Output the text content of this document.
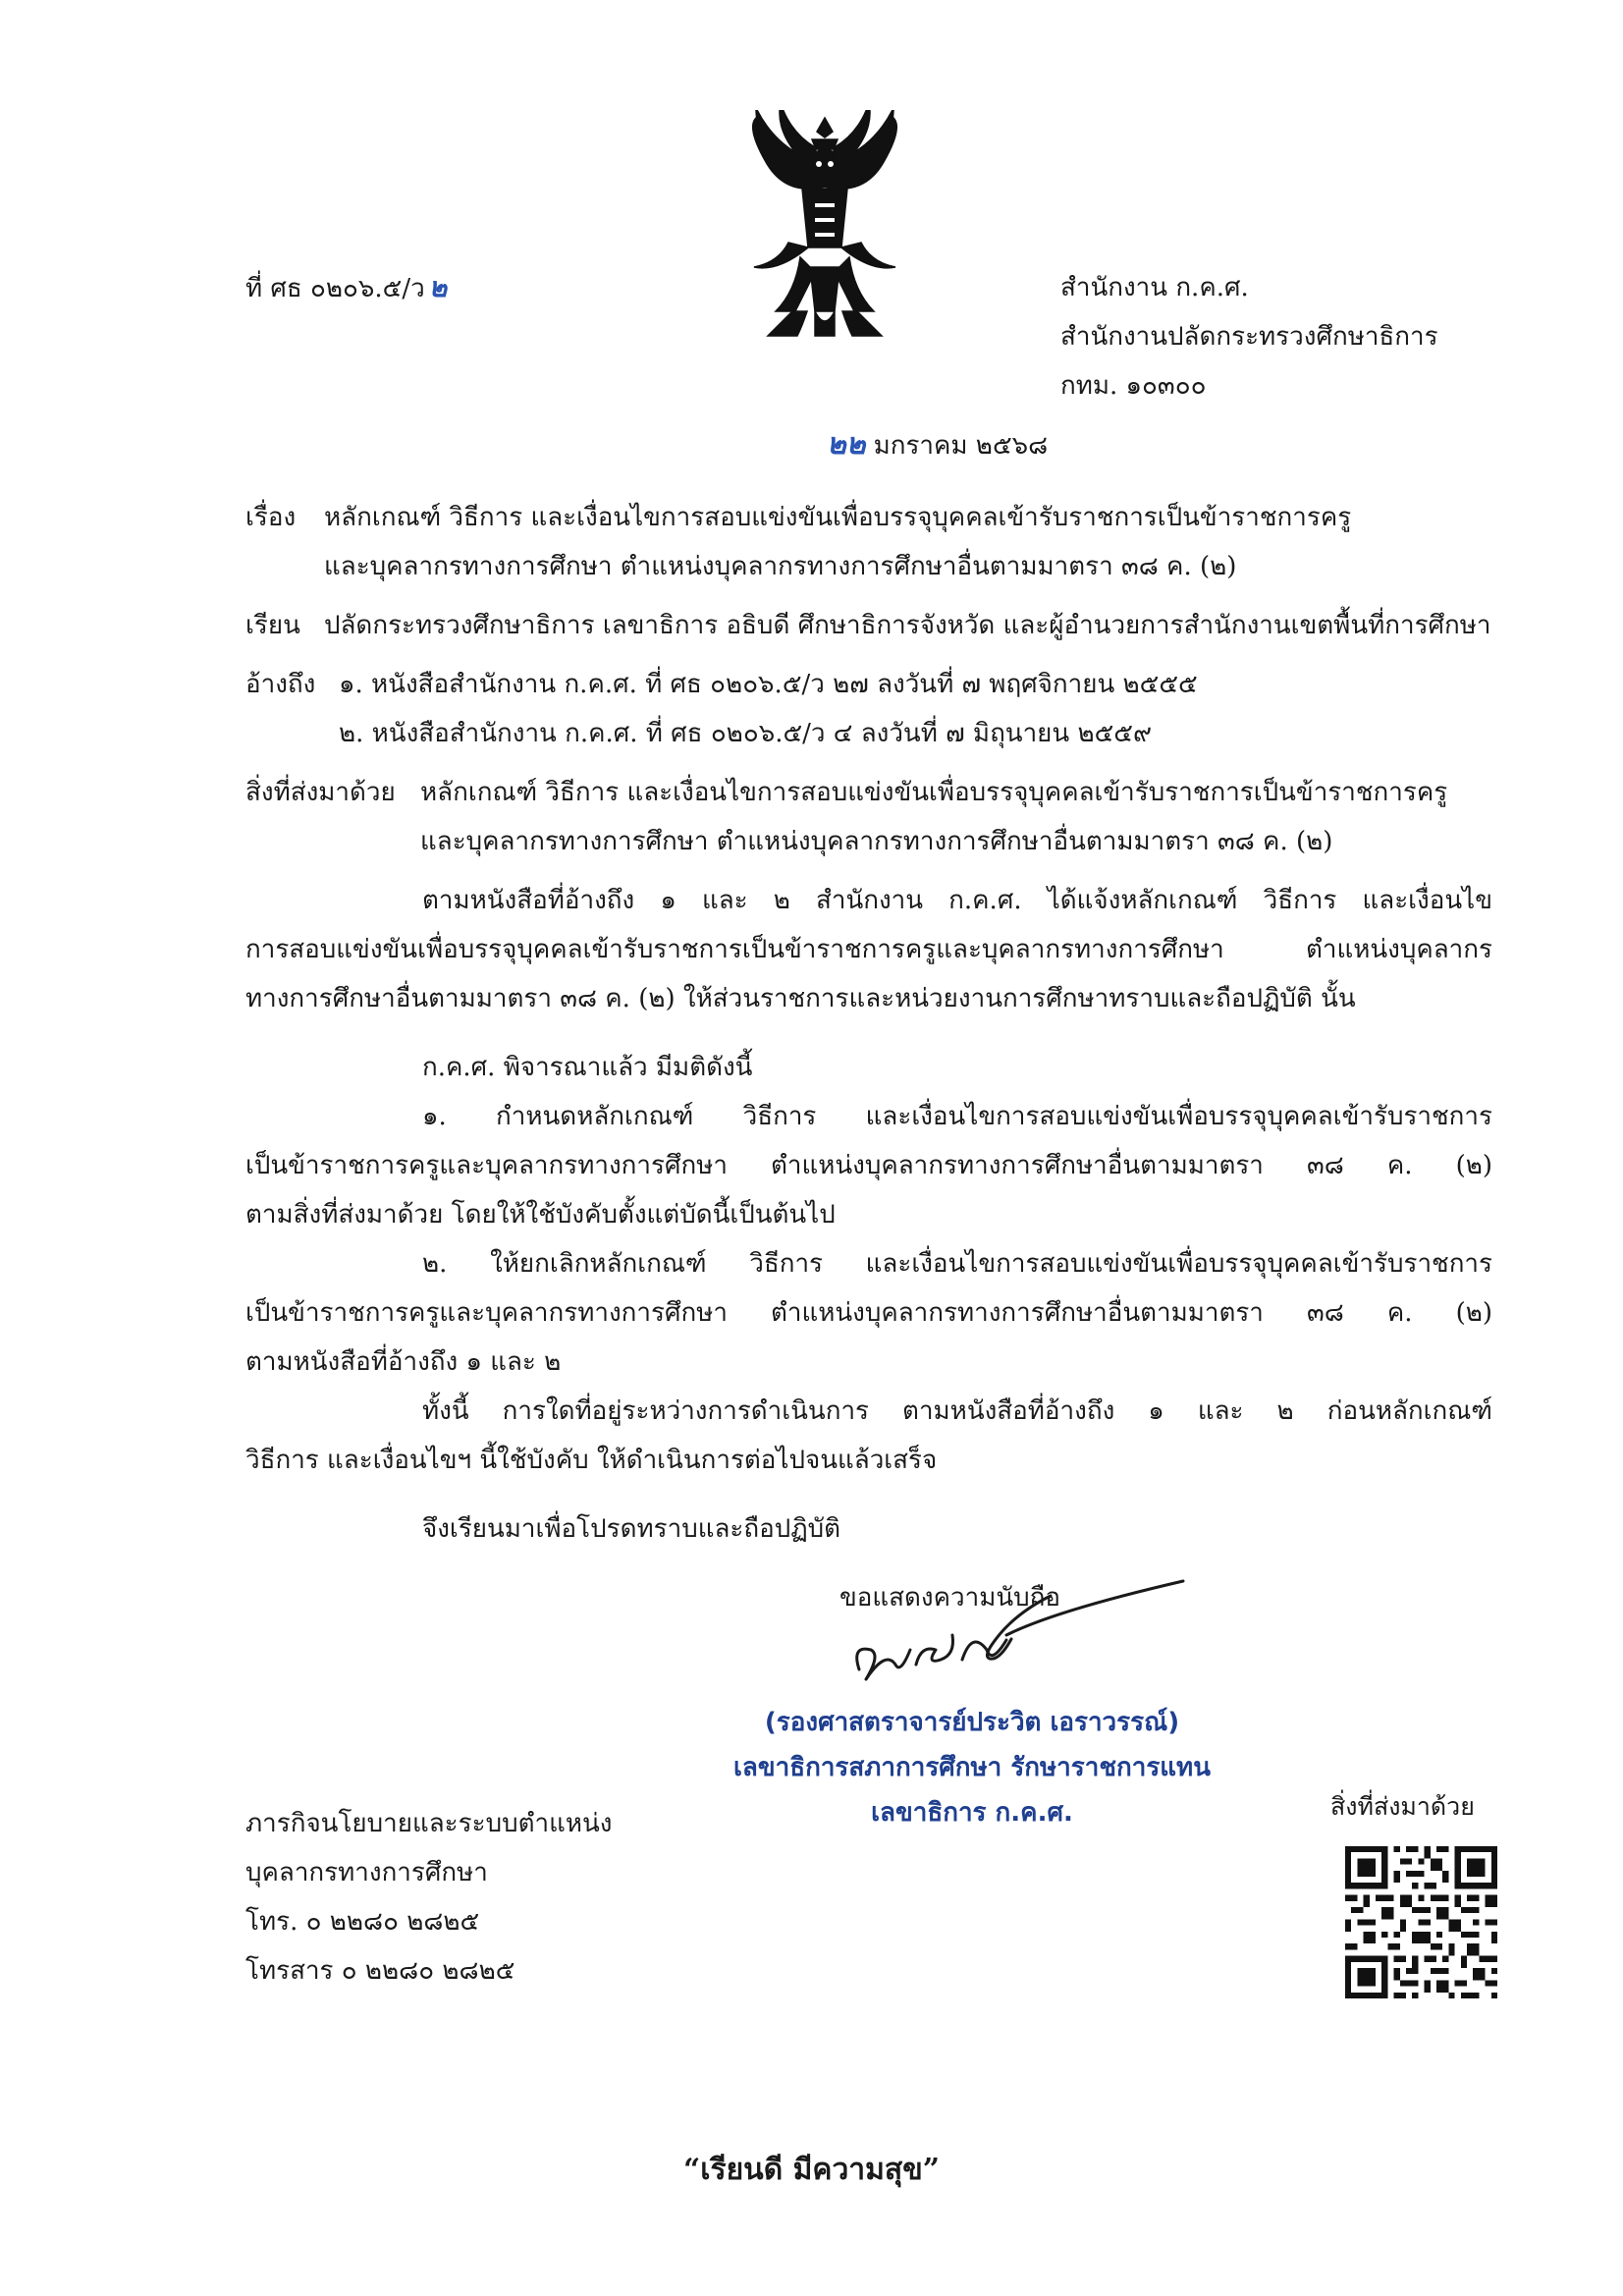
ที่ ศธ ๐๒๐๖.๕/ว ๒	สำนักงาน ก.ค.ศ.
สำนักงานปลัดกระทรวงศึกษาธิการ
กทม. ๑๐๓๐๐
๒๒ มกราคม ๒๕๖๘
เรื่อง หลักเกณฑ์ วิธีการ และเงื่อนไขการสอบแข่งขันเพื่อบรรจุบุคคลเข้ารับราชการเป็นข้าราชการครู
และบุคลากรทางการศึกษา ตำแหน่งบุคลากรทางการศึกษาอื่นตามมาตรา ๓๘ ค. (๒)
เรียน ปลัดกระทรวงศึกษาธิการ เลขาธิการ อธิบดี ศึกษาธิการจังหวัด และผู้อำนวยการสำนักงานเขตพื้นที่การศึกษา
อ้างถึง ๑. หนังสือสำนักงาน ก.ค.ศ. ที่ ศธ ๐๒๐๖.๕/ว ๒๗ ลงวันที่ ๗ พฤศจิกายน ๒๕๕๕
๒. หนังสือสำนักงาน ก.ค.ศ. ที่ ศธ ๐๒๐๖.๕/ว ๔ ลงวันที่ ๗ มิถุนายน ๒๕๕๙
สิ่งที่ส่งมาด้วย หลักเกณฑ์ วิธีการ และเงื่อนไขการสอบแข่งขันเพื่อบรรจุบุคคลเข้ารับราชการเป็นข้าราชการครู
และบุคลากรทางการศึกษา ตำแหน่งบุคลากรทางการศึกษาอื่นตามมาตรา ๓๘ ค. (๒)
ตามหนังสือที่อ้างถึง ๑ และ ๒ สำนักงาน ก.ค.ศ. ได้แจ้งหลักเกณฑ์ วิธีการ และเงื่อนไข
การสอบแข่งขันเพื่อบรรจุบุคคลเข้ารับราชการเป็นข้าราชการครูและบุคลากรทางการศึกษา ตำแหน่งบุคลากร
ทางการศึกษาอื่นตามมาตรา ๓๘ ค. (๒) ให้ส่วนราชการและหน่วยงานการศึกษาทราบและถือปฏิบัติ นั้น
ก.ค.ศ. พิจารณาแล้ว มีมติดังนี้
๑. กำหนดหลักเกณฑ์ วิธีการ และเงื่อนไขการสอบแข่งขันเพื่อบรรจุบุคคลเข้ารับราชการ
เป็นข้าราชการครูและบุคลากรทางการศึกษา ตำแหน่งบุคลากรทางการศึกษาอื่นตามมาตรา ๓๘ ค. (๒)
ตามสิ่งที่ส่งมาด้วย โดยให้ใช้บังคับตั้งแต่บัดนี้เป็นต้นไป
๒. ให้ยกเลิกหลักเกณฑ์ วิธีการ และเงื่อนไขการสอบแข่งขันเพื่อบรรจุบุคคลเข้ารับราชการ
เป็นข้าราชการครูและบุคลากรทางการศึกษา ตำแหน่งบุคลากรทางการศึกษาอื่นตามมาตรา ๓๘ ค. (๒)
ตามหนังสือที่อ้างถึง ๑ และ ๒
ทั้งนี้ การใดที่อยู่ระหว่างการดำเนินการ ตามหนังสือที่อ้างถึง ๑ และ ๒ ก่อนหลักเกณฑ์
วิธีการ และเงื่อนไขฯ นี้ใช้บังคับ ให้ดำเนินการต่อไปจนแล้วเสร็จ
จึงเรียนมาเพื่อโปรดทราบและถือปฏิบัติ
ขอแสดงความนับถือ
(รองศาสตราจารย์ประวิต เอราวรรณ์)
เลขาธิการสภาการศึกษา รักษาราชการแทน
เลขาธิการ ก.ค.ศ.
ภารกิจนโยบายและระบบตำแหน่ง
บุคลากรทางการศึกษา
โทร. ๐ ๒๒๘๐ ๒๘๒๕
โทรสาร ๐ ๒๒๘๐ ๒๘๒๕
สิ่งที่ส่งมาด้วย
“เรียนดี มีความสุข”
